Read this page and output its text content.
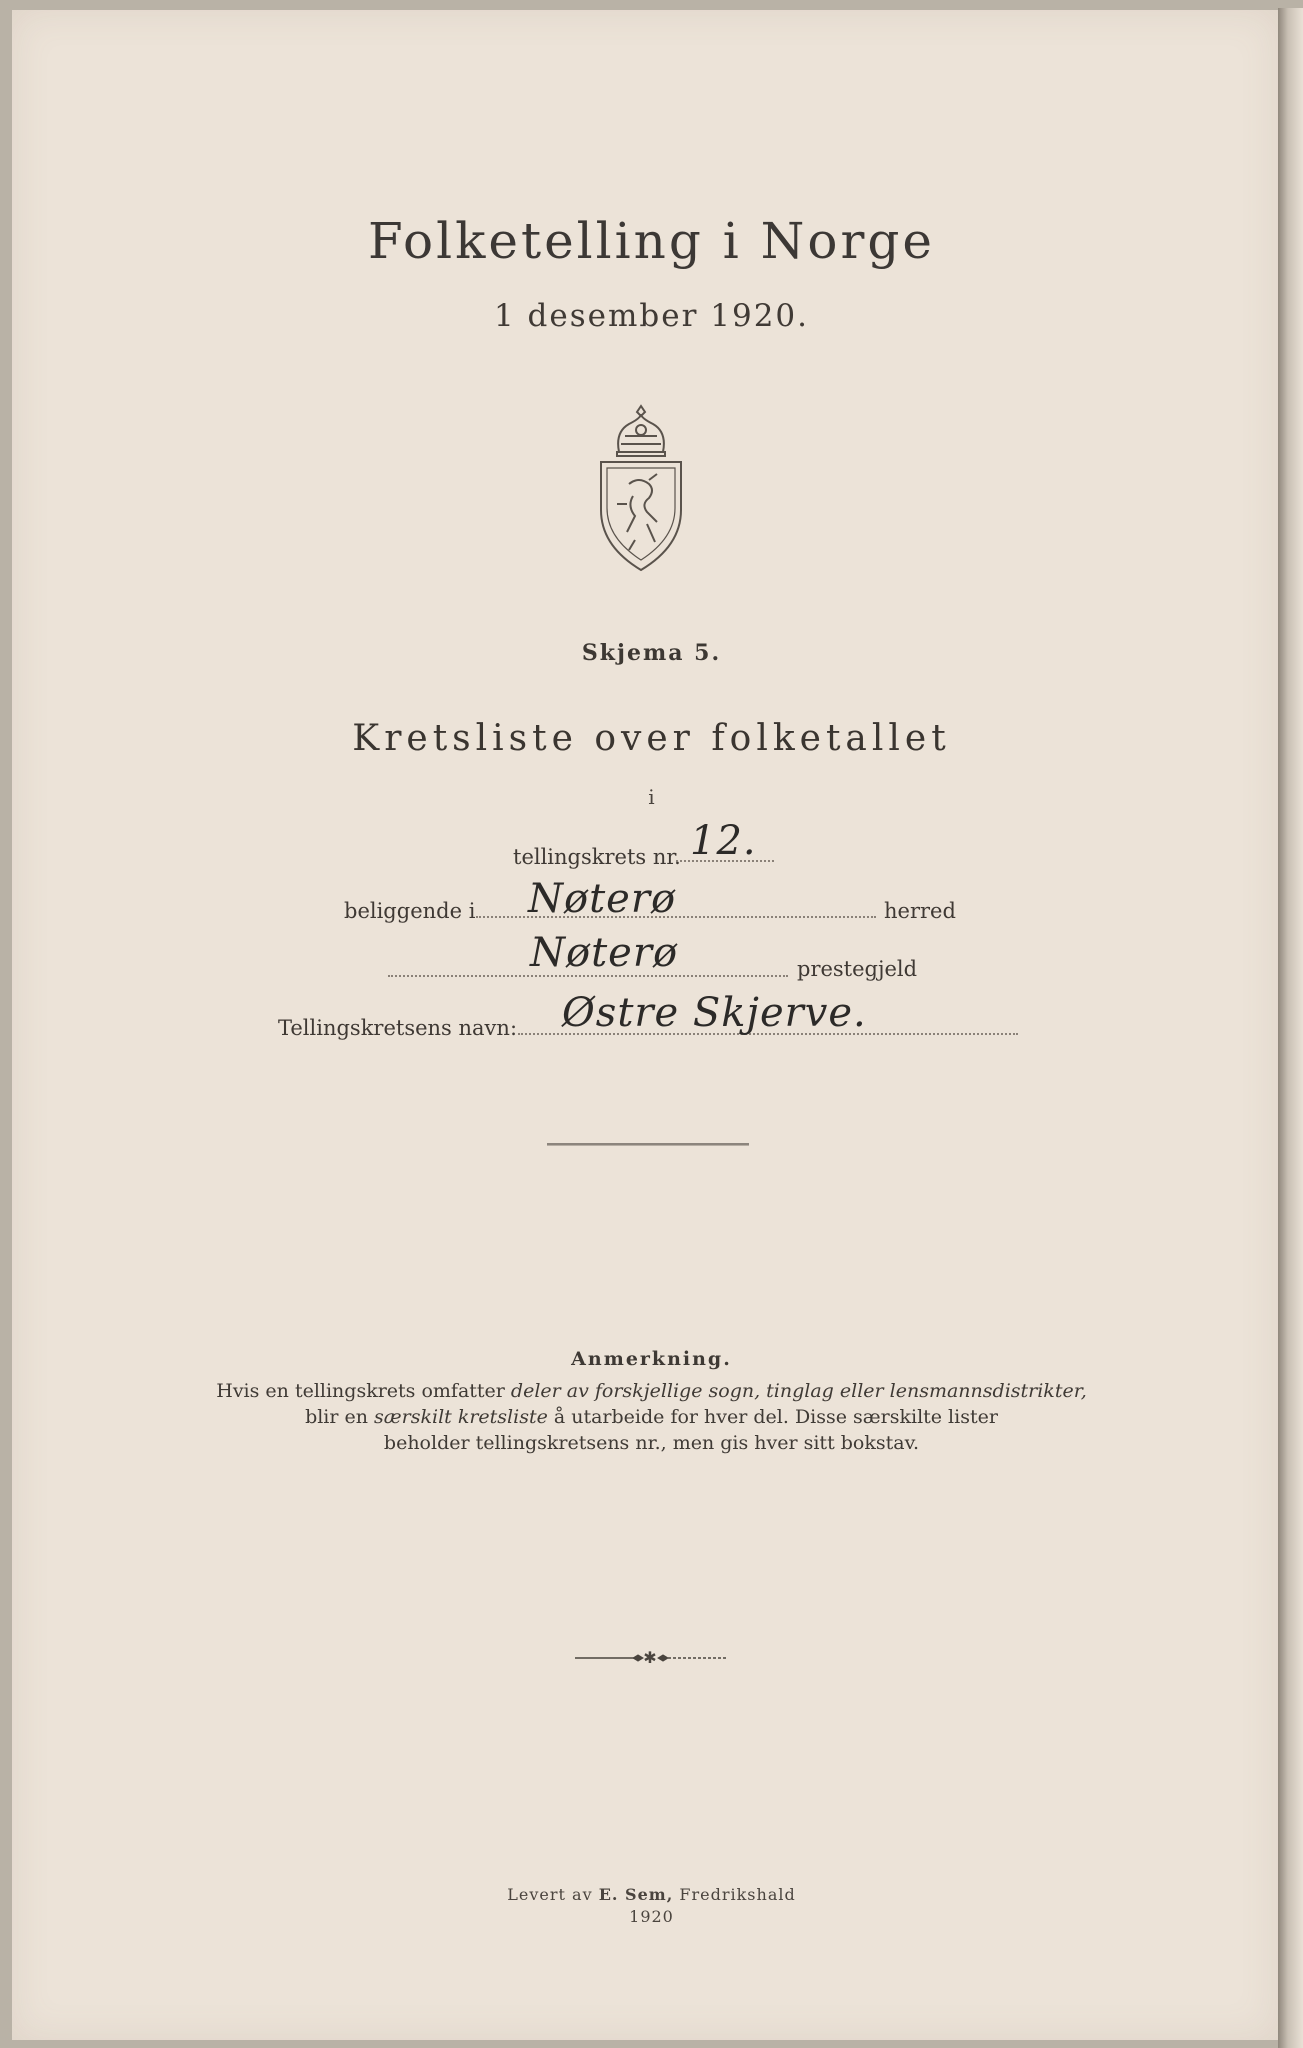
Folketelling i Norge
1 desember 1920.
Skjema 5.
Kretsliste over folketallet
i
tellingskrets nr. 12.
beliggende i Nøterø	herred
Nøterø	prestegjeld
Tellingskretsens navn: Østre Skjerve.
Anmerkning.
Hvis en tellingskrets omfatter deler av forskjellige sogn, tinglag eller lensmannsdistrikter,
blir en særskilt kretsliste å utarbeide for hver del. Disse særskilte lister
beholder tellingskretsens nr., men gis hver sitt bokstav.
✱
Levert av E. Sem, Fredrikshald
1920
